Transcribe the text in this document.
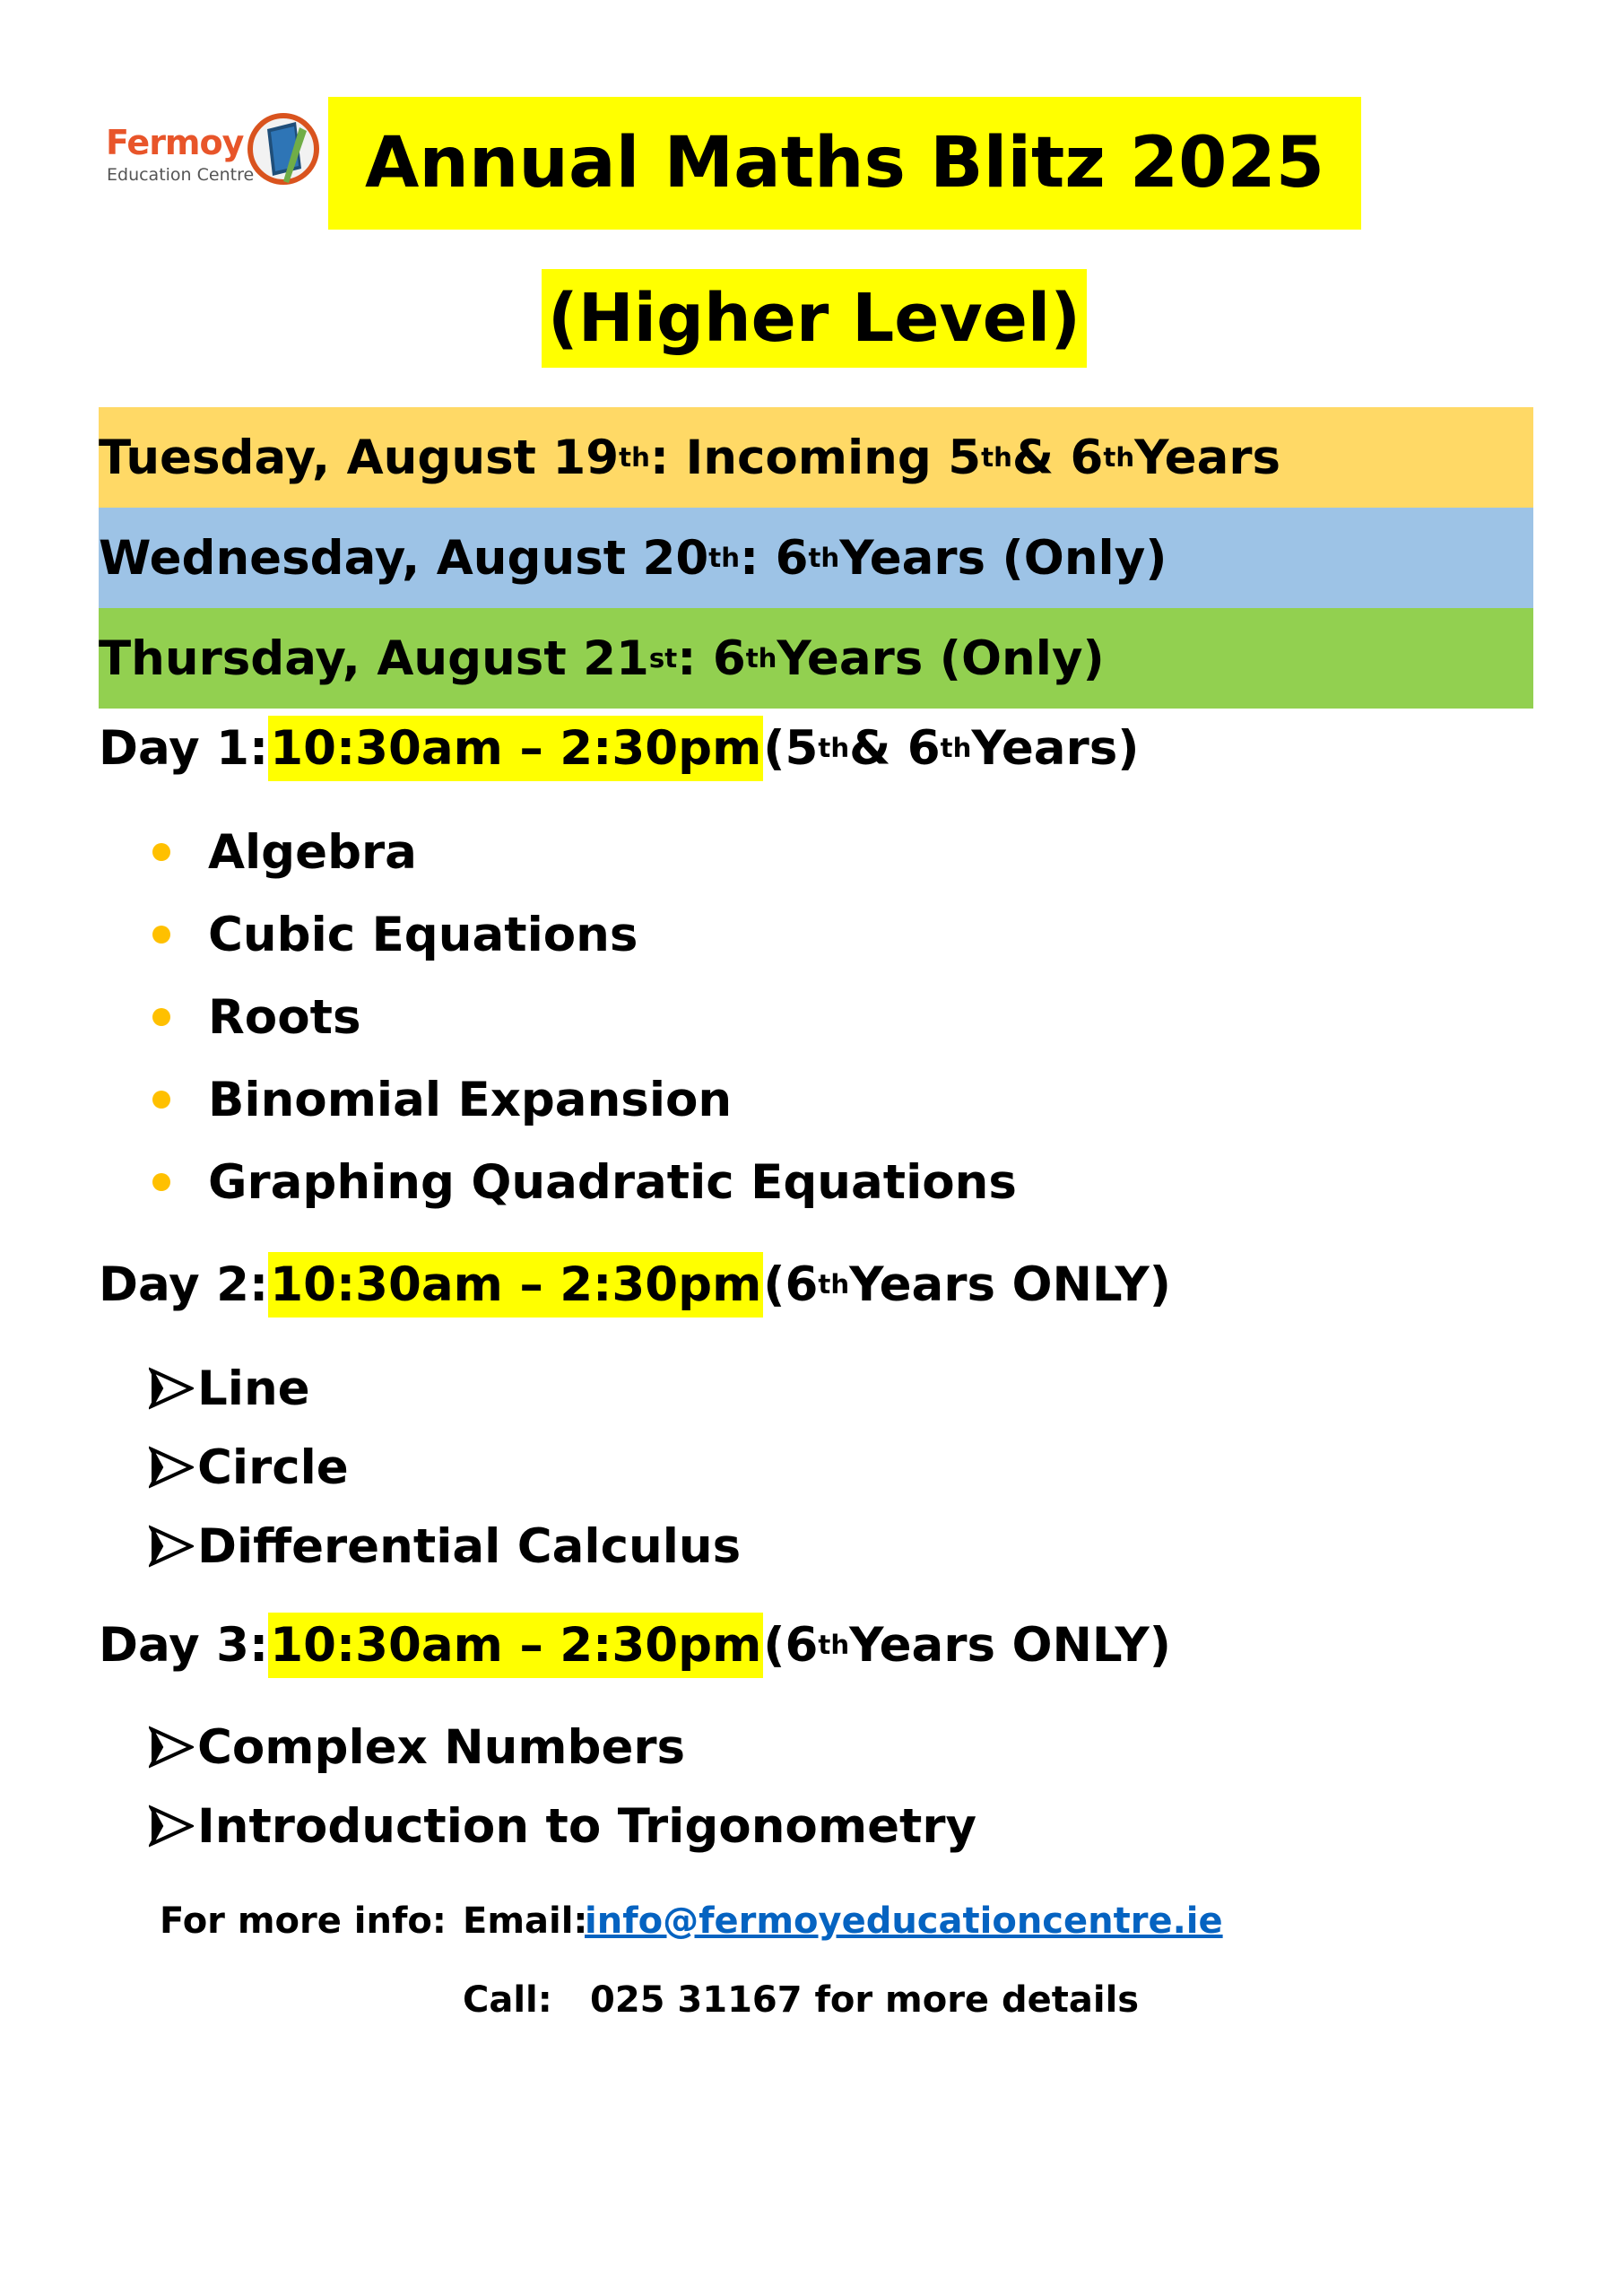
Fermoy
Education Centre	Annual Maths Blitz 2025
(Higher Level)
Tuesday, August 19 th : Incoming 5 th & 6 th Years
Wednesday, August 20 th : 6 th Years (Only)
Thursday, August 21 st : 6 th Years (Only)
Day 1: 10:30am – 2:30pm (5 th & 6 th Years)
Algebra
Cubic Equations
Roots
Binomial Expansion
Graphing Quadratic Equations
Day 2: 10:30am – 2:30pm (6 th Years ONLY)
Line
Circle
Differential Calculus
Day 3: 10:30am – 2:30pm (6 th Years ONLY)
Complex Numbers
Introduction to Trigonometry
For more info: Email:
info@fermoyeducationcentre.ie
Call: 025 31167 for more details
